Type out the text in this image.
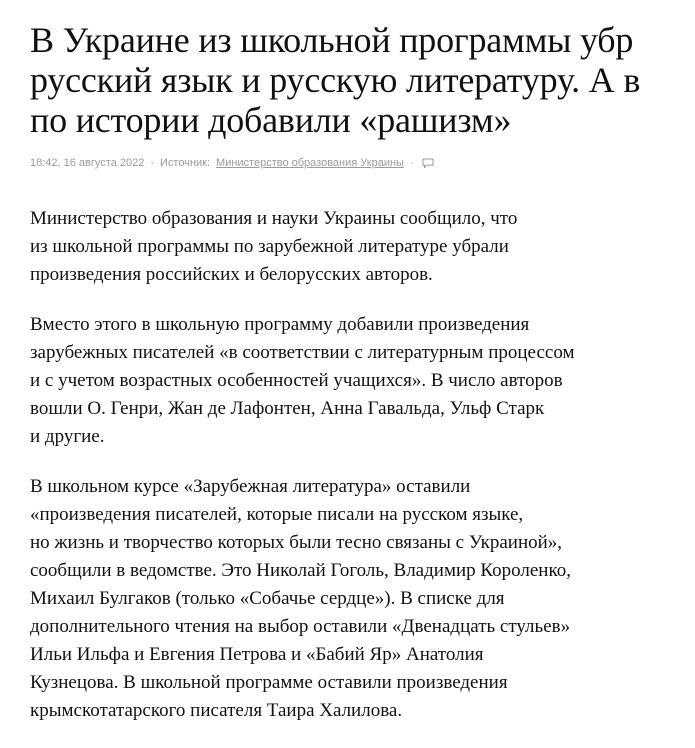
В Украине из школьной программы убр
русский язык и русскую литературу. А в
по истории добавили «рашизм»
18:42, 16 августа 2022 · Источник: Министерство образования Украины ·

Министерство образования и науки Украины сообщило, что
из школьной программы по зарубежной литературе убрали
произведения российских и белорусских авторов.

Вместо этого в школьную программу добавили произведения
зарубежных писателей «в соответствии с литературным процессом
и с учетом возрастных особенностей учащихся». В число авторов
вошли О. Генри, Жан де Лафонтен, Анна Гавальда, Ульф Старк
и другие.

В школьном курсе «Зарубежная литература» оставили
«произведения писателей, которые писали на русском языке,
но жизнь и творчество которых были тесно связаны с Украиной»,
сообщили в ведомстве. Это Николай Гоголь, Владимир Короленко,
Михаил Булгаков (только «Собачье сердце»). В списке для
дополнительного чтения на выбор оставили «Двенадцать стульев»
Ильи Ильфа и Евгения Петрова и «Бабий Яр» Анатолия
Кузнецова. В школьной программе оставили произведения
крымскотатарского писателя Таира Халилова.
